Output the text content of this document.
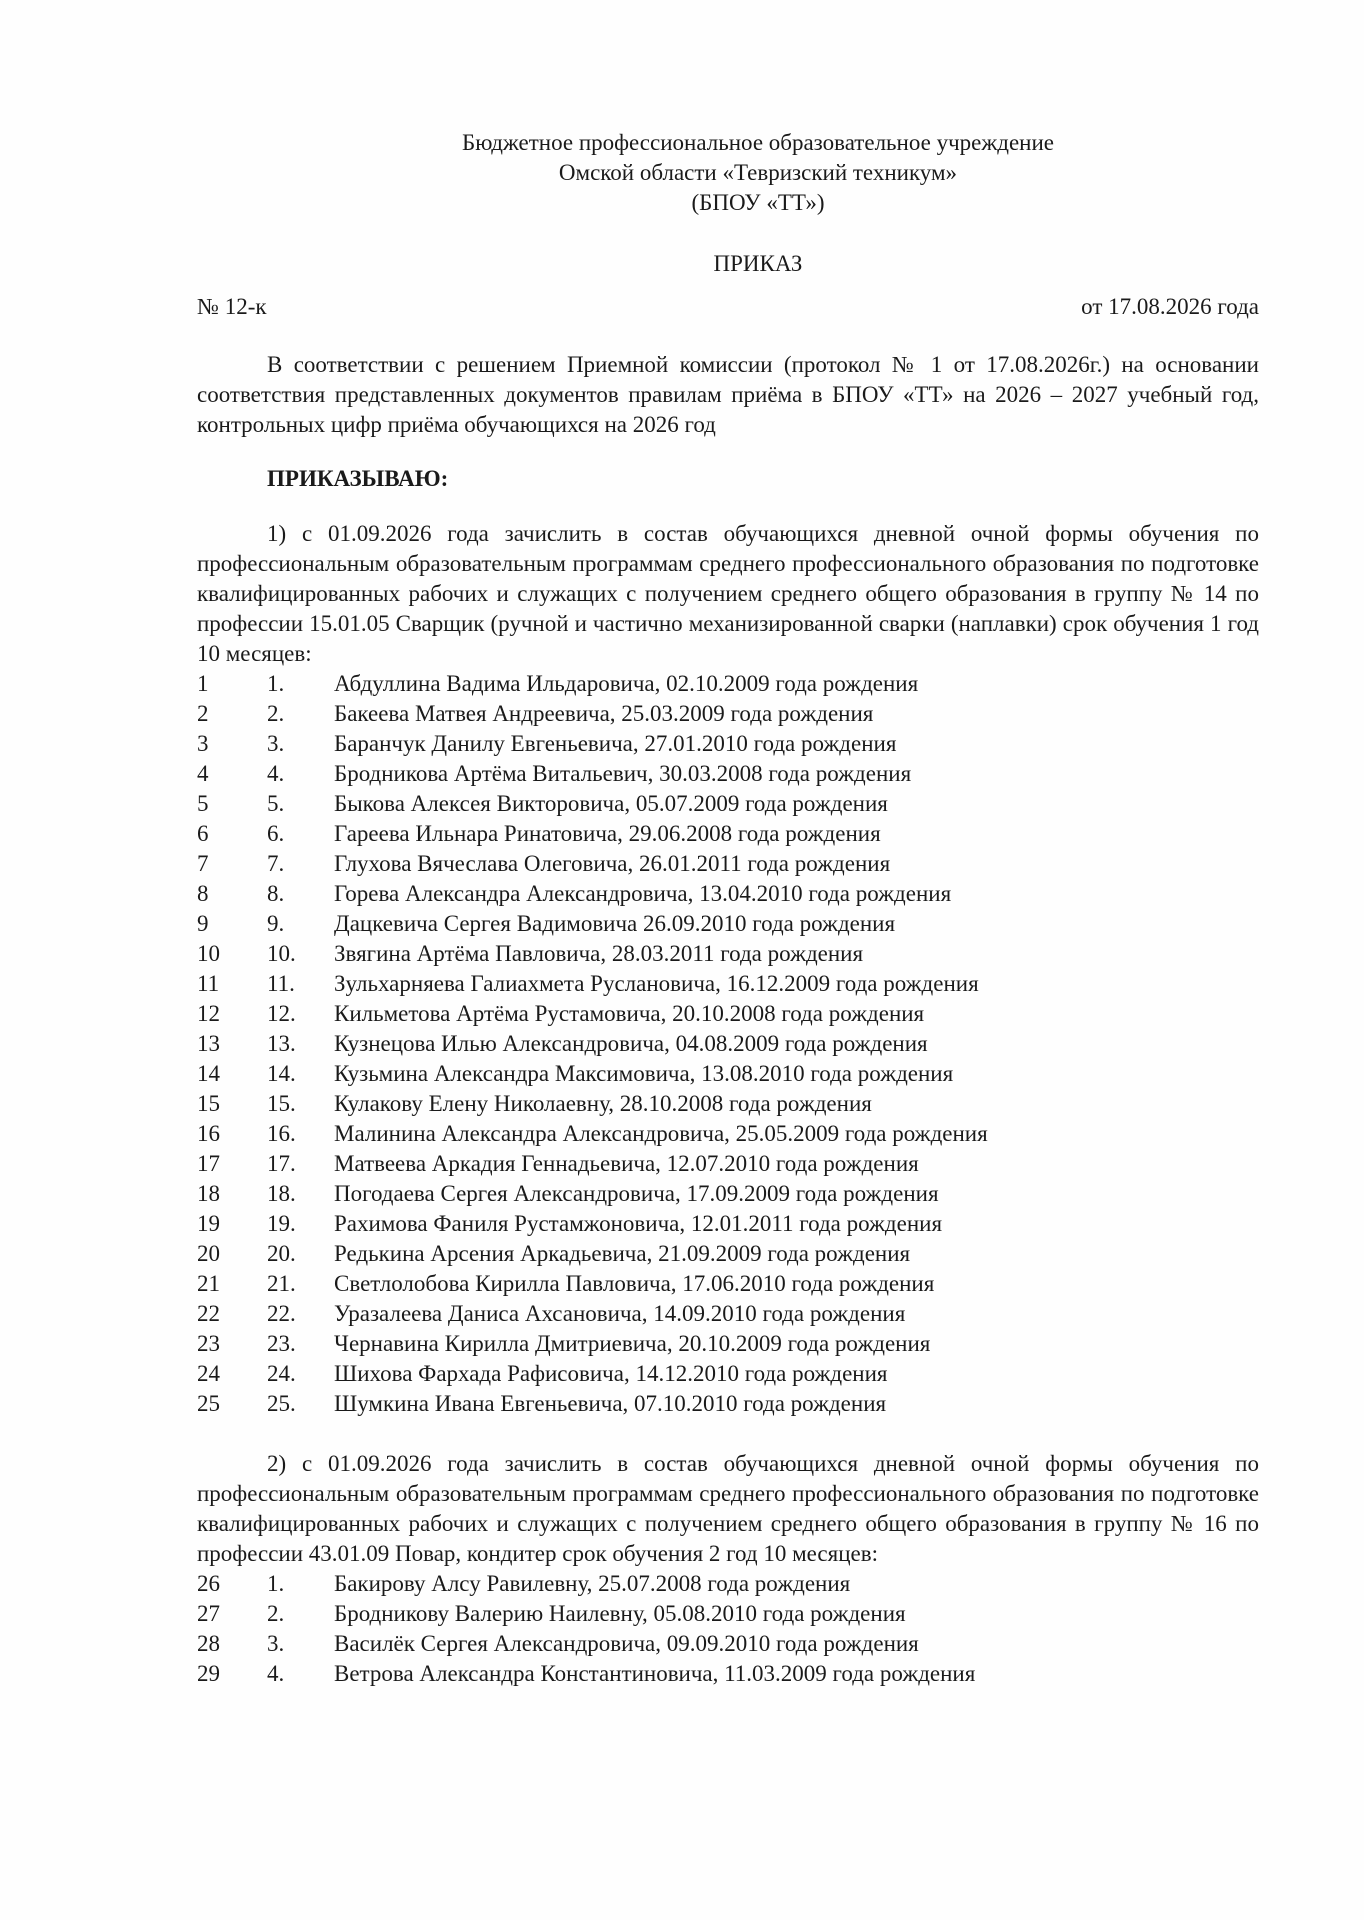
Бюджетное профессиональное образовательное учреждение
Омской области «Тевризский техникум»
(БПОУ «ТТ»)
ПРИКАЗ
№ 12-к	от 17.08.2026 года
В соответствии с решением Приемной комиссии (протокол № 1 от 17.08.2026г.) на основании соответствия представленных документов правилам приёма в БПОУ «ТТ» на 2026 – 2027 учебный год, контрольных цифр приёма обучающихся на 2026 год
ПРИКАЗЫВАЮ:
1) с 01.09.2026 года зачислить в состав обучающихся дневной очной формы обучения по профессиональным образовательным программам среднего профессионального образования по подготовке квалифицированных рабочих и служащих с получением среднего общего образования в группу № 14 по профессии 15.01.05 Сварщик (ручной и частично механизированной сварки (наплавки) срок обучения 1 год 10 месяцев:
1	1.	Абдуллина Вадима Ильдаровича, 02.10.2009 года рождения
2	2.	Бакеева Матвея Андреевича, 25.03.2009 года рождения
3	3.	Баранчук Данилу Евгеньевича, 27.01.2010 года рождения
4	4.	Бродникова Артёма Витальевич, 30.03.2008 года рождения
5	5.	Быкова Алексея Викторовича, 05.07.2009 года рождения
6	6.	Гареева Ильнара Ринатовича, 29.06.2008 года рождения
7	7.	Глухова Вячеслава Олеговича, 26.01.2011 года рождения
8	8.	Горева Александра Александровича, 13.04.2010 года рождения
9	9.	Дацкевича Сергея Вадимовича 26.09.2010 года рождения
10	10.	Звягина Артёма Павловича, 28.03.2011 года рождения
11	11.	Зульхарняева Галиахмета Руслановича, 16.12.2009 года рождения
12	12.	Кильметова Артёма Рустамовича, 20.10.2008 года рождения
13	13.	Кузнецова Илью Александровича, 04.08.2009 года рождения
14	14.	Кузьмина Александра Максимовича, 13.08.2010 года рождения
15	15.	Кулакову Елену Николаевну, 28.10.2008 года рождения
16	16.	Малинина Александра Александровича, 25.05.2009 года рождения
17	17.	Матвеева Аркадия Геннадьевича, 12.07.2010 года рождения
18	18.	Погодаева Сергея Александровича, 17.09.2009 года рождения
19	19.	Рахимова Фаниля Рустамжоновича, 12.01.2011 года рождения
20	20.	Редькина Арсения Аркадьевича, 21.09.2009 года рождения
21	21.	Светлолобова Кирилла Павловича, 17.06.2010 года рождения
22	22.	Уразалеева Даниса Ахсановича, 14.09.2010 года рождения
23	23.	Чернавина Кирилла Дмитриевича, 20.10.2009 года рождения
24	24.	Шихова Фархада Рафисовича, 14.12.2010 года рождения
25	25.	Шумкина Ивана Евгеньевича, 07.10.2010 года рождения
2) с 01.09.2026 года зачислить в состав обучающихся дневной очной формы обучения по профессиональным образовательным программам среднего профессионального образования по подготовке квалифицированных рабочих и служащих с получением среднего общего образования в группу № 16 по профессии 43.01.09 Повар, кондитер срок обучения 2 год 10 месяцев:
26	1.	Бакирову Алсу Равилевну, 25.07.2008 года рождения
27	2.	Бродникову Валерию Наилевну, 05.08.2010 года рождения
28	3.	Василёк Сергея Александровича, 09.09.2010 года рождения
29	4.	Ветрова Александра Константиновича, 11.03.2009 года рождения
